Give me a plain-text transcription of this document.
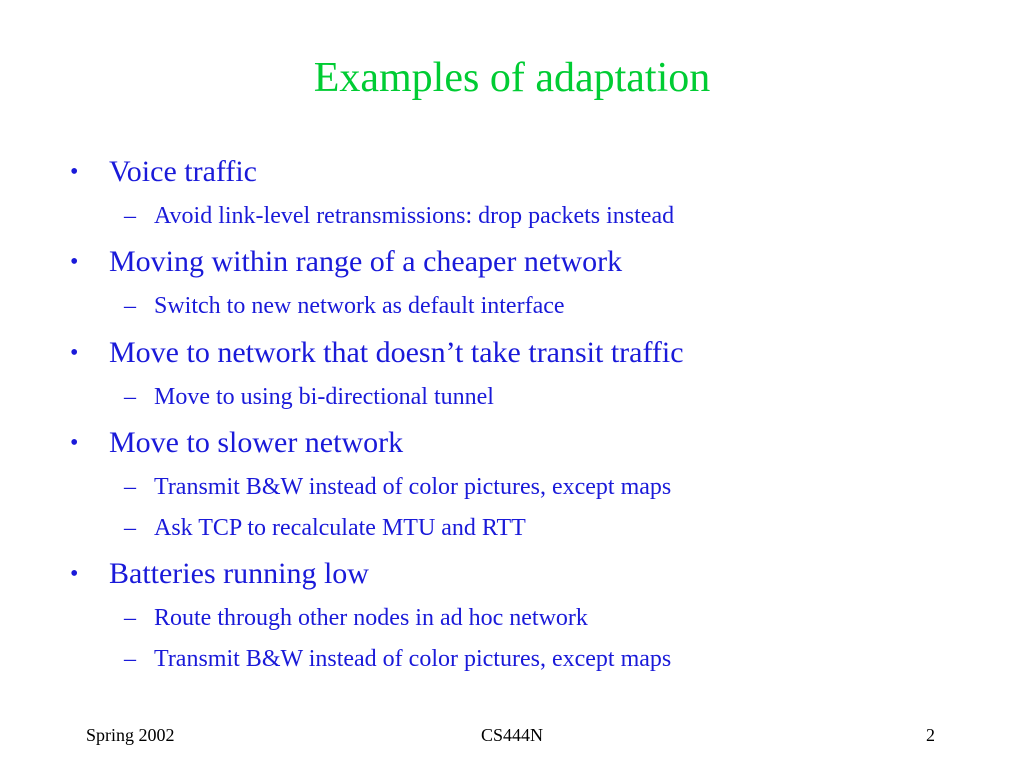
Examples of adaptation
• Voice traffic
– Avoid link-level retransmissions: drop packets instead
• Moving within range of a cheaper network
– Switch to new network as default interface
• Move to network that doesn’t take transit traffic
– Move to using bi-directional tunnel
• Move to slower network
– Transmit B&W instead of color pictures, except maps
– Ask TCP to recalculate MTU and RTT
• Batteries running low
– Route through other nodes in ad hoc network
– Transmit B&W instead of color pictures, except maps
Spring 2002	CS444N	2
